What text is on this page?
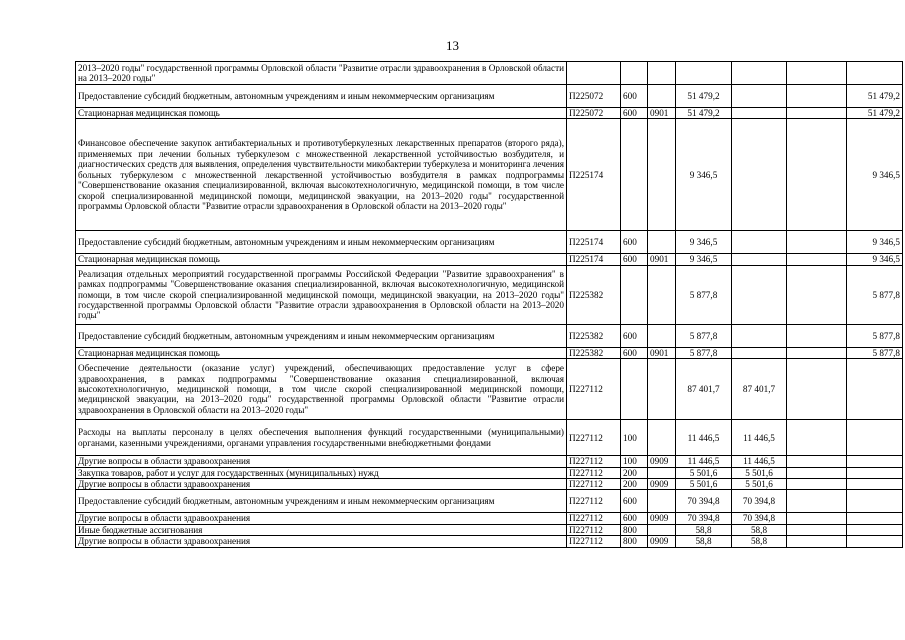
13
2013–2020 годы" государственной программы Орловской области "Развитие отрасли здравоохранения в Орловской области на 2013–2020 годы"							
Предоставление субсидий бюджетным, автономным учреждениям и иным некоммерческим организациям	П225072	600		51 479,2			51 479,2
Стационарная медицинская помощь	П225072	600	0901	51 479,2			51 479,2
Финансовое обеспечение закупок антибактериальных и противотуберкулезных лекарственных препаратов (второго ряда), применяемых при лечении больных туберкулезом с множественной лекарственной устойчивостью возбудителя, и диагностических средств для выявления, определения чувствительности микобактерии туберкулеза и мониторинга лечения больных туберкулезом с множественной лекарственной устойчивостью возбудителя в рамках подпрограммы "Совершенствование оказания специализированной, включая высокотехнологичную, медицинской помощи, в том числе скорой специализированной медицинской помощи, медицинской эвакуации, на 2013–2020 годы" государственной программы Орловской области "Развитие отрасли здравоохранения в Орловской области на 2013–2020 годы"	П225174			9 346,5			9 346,5
Предоставление субсидий бюджетным, автономным учреждениям и иным некоммерческим организациям	П225174	600		9 346,5			9 346,5
Стационарная медицинская помощь	П225174	600	0901	9 346,5			9 346,5
Реализация отдельных мероприятий государственной программы Российской Федерации "Развитие здравоохранения" в рамках подпрограммы "Совершенствование оказания специализированной, включая высокотехнологичную, медицинской помощи, в том числе скорой специализированной медицинской помощи, медицинской эвакуации, на 2013–2020 годы" государственной программы Орловской области "Развитие отрасли здравоохранения в Орловской области на 2013–2020 годы"	П225382			5 877,8			5 877,8
Предоставление субсидий бюджетным, автономным учреждениям и иным некоммерческим организациям	П225382	600		5 877,8			5 877,8
Стационарная медицинская помощь	П225382	600	0901	5 877,8			5 877,8
Обеспечение деятельности (оказание услуг) учреждений, обеспечивающих предоставление услуг в сфере здравоохранения, в рамках подпрограммы "Совершенствование оказания специализированной, включая высокотехнологичную, медицинской помощи, в том числе скорой специализированной медицинской помощи, медицинской эвакуации, на 2013–2020 годы" государственной программы Орловской области "Развитие отрасли здравоохранения в Орловской области на 2013–2020 годы"	П227112			87 401,7	87 401,7		
Расходы на выплаты персоналу в целях обеспечения выполнения функций государственными (муниципальными) органами, казенными учреждениями, органами управления государственными внебюджетными фондами	П227112	100		11 446,5	11 446,5		
Другие вопросы в области здравоохранения	П227112	100	0909	11 446,5	11 446,5		
Закупка товаров, работ и услуг для государственных (муниципальных) нужд	П227112	200		5 501,6	5 501,6		
Другие вопросы в области здравоохранения	П227112	200	0909	5 501,6	5 501,6		
Предоставление субсидий бюджетным, автономным учреждениям и иным некоммерческим организациям	П227112	600		70 394,8	70 394,8		
Другие вопросы в области здравоохранения	П227112	600	0909	70 394,8	70 394,8		
Иные бюджетные ассигнования	П227112	800		58,8	58,8		
Другие вопросы в области здравоохранения	П227112	800	0909	58,8	58,8		
